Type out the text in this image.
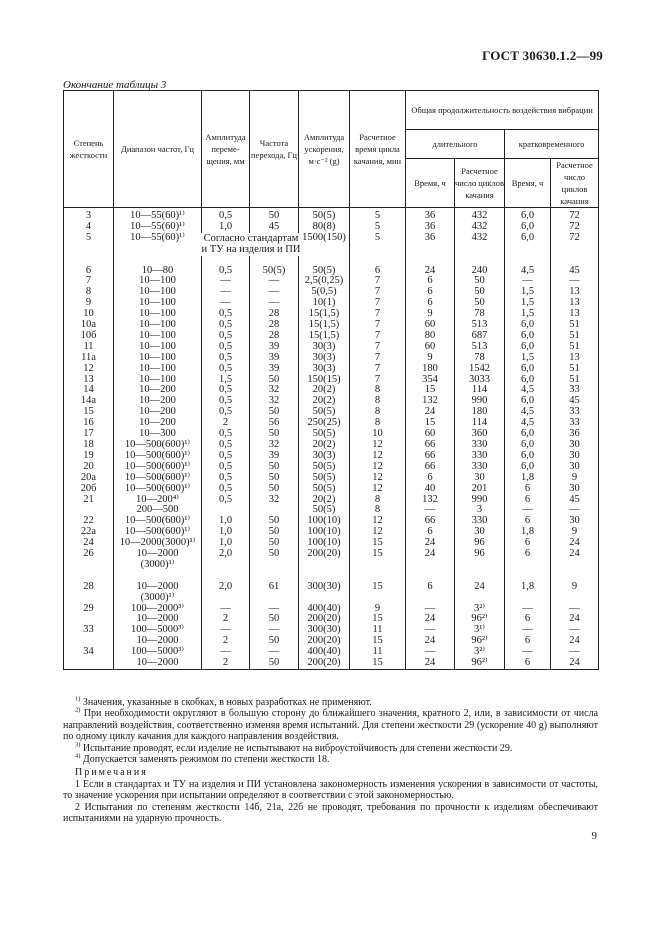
ГОСТ 30630.1.2—99
Окончание таблицы 3
Степень жесткости	Диапазон частот, Гц	Амплитуда переме-щения, мм	Частота перехода, Гц	Амплитуда ускорения, м·с⁻² (g)	Расчетное время цикла качания, мин	Общая продолжительность воздействия вибрации			
						длительного		кратковременного	
						Время, ч	Расчетное число циклов качания	Время, ч	Расчетное число циклов качания
3	10—55(60)¹⁾	0,5	50	50(5)	5	36	432	6,0	72
4	10—55(60)¹⁾	1,0	45	80(8)	5	36	432	6,0	72
5	10—55(60)¹⁾			1500(150)	5	36	432	6,0	72

6	10—80	0,5	50(5)	50(5)	6	24	240	4,5	45
7	10—100	—	—	2,5(0,25)	7	6	50	—	—
8	10—100	—	—	5(0,5)	7	6	50	1,5	13
9	10—100	—	—	10(1)	7	6	50	1,5	13
10	10—100	0,5	28	15(1,5)	7	9	78	1,5	13
10а	10—100	0,5	28	15(1,5)	7	60	513	6,0	51
10б	10—100	0,5	28	15(1,5)	7	80	687	6,0	51
11	10—100	0,5	39	30(3)	7	60	513	6,0	51
11а	10—100	0,5	39	30(3)	7	9	78	1,5	13
12	10—100	0,5	39	30(3)	7	180	1542	6,0	51
13	10—100	1,5	50	150(15)	7	354	3033	6,0	51
14	10—200	0,5	32	20(2)	8	15	114	4,5	33
14а	10—200	0,5	32	20(2)	8	132	990	6,0	45
15	10—200	0,5	50	50(5)	8	24	180	4,5	33
16	10—200	2	56	250(25)	8	15	114	4,5	33
17	10—300	0,5	50	50(5)	10	60	360	6,0	36
18	10—500(600)¹⁾	0,5	32	20(2)	12	66	330	6,0	30
19	10—500(600)¹⁾	0,5	39	30(3)	12	66	330	6,0	30
20	10—500(600)¹⁾	0,5	50	50(5)	12	66	330	6,0	30
20а	10—500(600)¹⁾	0,5	50	50(5)	12	6	30	1,8	9
20б	10—500(600)¹⁾	0,5	50	50(5)	12	40	201	6	30
21	10—200⁴⁾	0,5	32	20(2)	8	132	990	6	45
	200—500			50(5)	8	—	3	—	—
22	10—500(600)¹⁾	1,0	50	100(10)	12	66	330	6	30
22а	10—500(600)¹⁾	1,0	50	100(10)	12	6	30	1,8	9
24	10—2000(3000)¹⁾	1,0	50	100(10)	15	24	96	6	24
26	10—2000	2,0	50	200(20)	15	24	96	6	24
	(3000)¹⁾								

28	10—2000	2,0	61	300(30)	15	6	24	1,8	9
	(3000)¹⁾								
29	100—2000³⁾	—	—	400(40)	9	—	3²⁾	—	—
	10—2000	2	50	200(20)	15	24	96²⁾	6	24
33	100—5000³⁾	—	—	300(30)	11	—	3¹⁾	—	—
	10—2000	2	50	200(20)	15	24	96²⁾	6	24
34	100—5000³⁾	—	—	400(40)	11	—	3²⁾	—	—
	10—2000	2	50	200(20)	15	24	96²⁾	6	24
Согласно стандартам и ТУ на изделия и ПИ

$^{1)}$ Значения, указанные в скобках, в новых разработках не применяют.

$^{2)}$ При необходимости округляют в большую сторону до ближайшего значения, кратного 2, или, в зависимости от числа направлений воздействия, соответственно изменяя время испытаний. Для степени жесткости 29 (ускорение 40 g) выполняют по одному циклу качания для каждого направления воздействия.

$^{3)}$ Испытание проводят, если изделие не испытывают на виброустойчивость для степени жесткости 29.

$^{4)}$ Допускается заменять режимом по степени жесткости 18.

Примечания

1 Если в стандартах и ТУ на изделия и ПИ установлена закономерность изменения ускорения в зависимости от частоты, то значение ускорения при испытании определяют в соответствии с этой закономерностью.

2 Испытания по степеням жесткости 14б, 21а, 22б не проводят, требования по прочности к изделиям обеспечивают испытаниями на ударную прочность.

9
